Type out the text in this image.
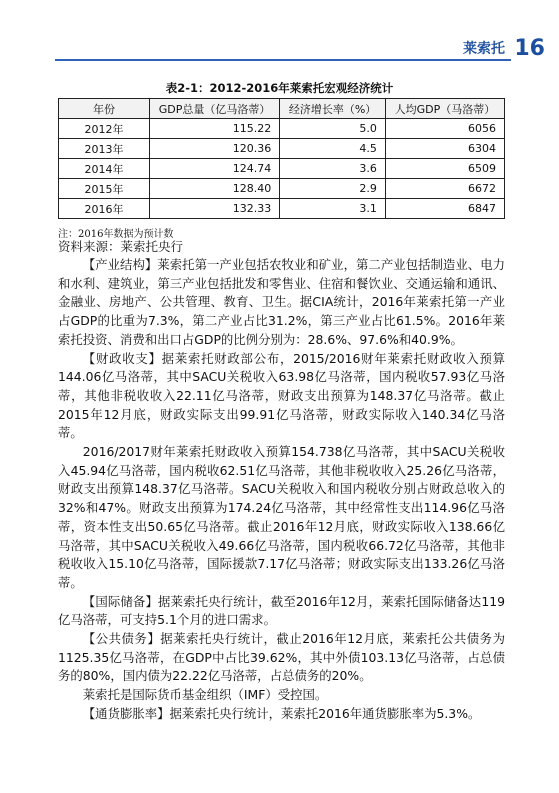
莱索托 16
表2-1：2012-2016年莱索托宏观经济统计
年份	GDP总量（亿马洛蒂）	经济增长率（%）	人均GDP（马洛蒂）
2012年	115.22	5.0	6056
2013年	120.36	4.5	6304
2014年	124.74	3.6	6509
2015年	128.40	2.9	6672
2016年	132.33	3.1	6847
注：2016年数据为预计数
资料来源：莱索托央行

【产业结构】莱索托第一产业包括农牧业和矿业，第二产业包括制造业、电力和水利、建筑业，第三产业包括批发和零售业、住宿和餐饮业、交通运输和通讯、金融业、房地产、公共管理、教育、卫生。据CIA统计，2016年莱索托第一产业占GDP的比重为7.3%，第二产业占比31.2%，第三产业占比61.5%。2016年莱索托投资、消费和出口占GDP的比例分别为：28.6%、97.6%和40.9%。

【财政收支】据莱索托财政部公布，2015/2016财年莱索托财政收入预算144.06亿马洛蒂，其中SACU关税收入63.98亿马洛蒂，国内税收57.93亿马洛蒂，其他非税收收入22.11亿马洛蒂，财政支出预算为148.37亿马洛蒂。截止2015年12月底，财政实际支出99.91亿马洛蒂，财政实际收入140.34亿马洛蒂。

2016/2017财年莱索托财政收入预算154.738亿马洛蒂，其中SACU关税收入45.94亿马洛蒂，国内税收62.51亿马洛蒂，其他非税收收入25.26亿马洛蒂，财政支出预算148.37亿马洛蒂。SACU关税收入和国内税收分别占财政总收入的32%和47%。财政支出预算为174.24亿马洛蒂，其中经常性支出114.96亿马洛蒂，资本性支出50.65亿马洛蒂。截止2016年12月底，财政实际收入138.66亿马洛蒂，其中SACU关税收入49.66亿马洛蒂，国内税收66.72亿马洛蒂，其他非税收收入15.10亿马洛蒂，国际援款7.17亿马洛蒂；财政实际支出133.26亿马洛蒂。

【国际储备】据莱索托央行统计，截至2016年12月，莱索托国际储备达119亿马洛蒂，可支持5.1个月的进口需求。

【公共债务】据莱索托央行统计，截止2016年12月底，莱索托公共债务为1125.35亿马洛蒂，在GDP中占比39.62%，其中外债103.13亿马洛蒂，占总债务的80%，国内债为22.22亿马洛蒂，占总债务的20%。

莱索托是国际货币基金组织（IMF）受控国。

【通货膨胀率】据莱索托央行统计，莱索托2016年通货膨胀率为5.3%。
